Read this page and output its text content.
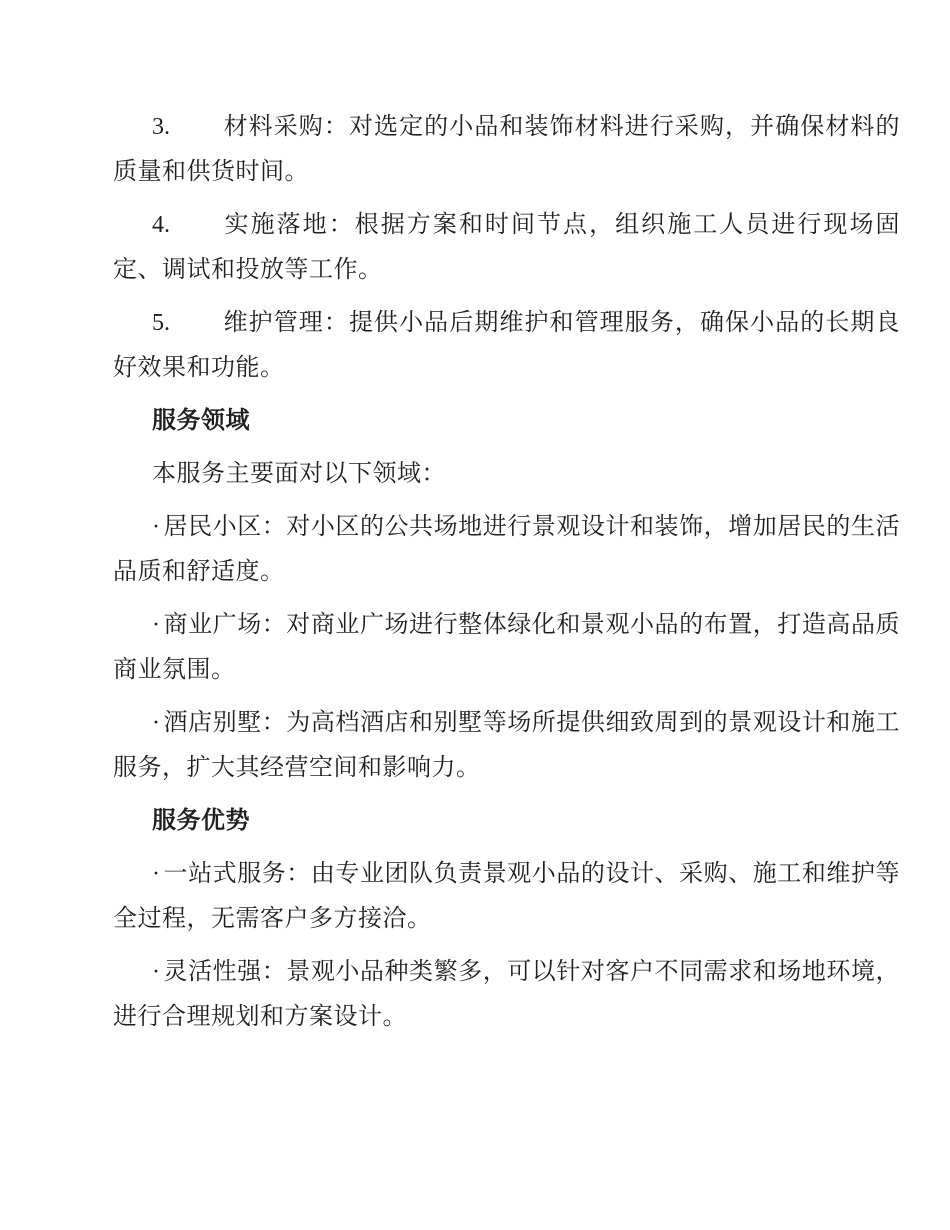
3. 材料采购：对选定的小品和装饰材料进行采购，并确保材料的质量和供货时间。

4. 实施落地：根据方案和时间节点，组织施工人员进行现场固定、调试和投放等工作。

5. 维护管理：提供小品后期维护和管理服务，确保小品的长期良好效果和功能。

服务领域

本服务主要面对以下领域：

· 居民小区：对小区的公共场地进行景观设计和装饰，增加居民的生活品质和舒适度。

· 商业广场：对商业广场进行整体绿化和景观小品的布置，打造高品质商业氛围。

· 酒店别墅：为高档酒店和别墅等场所提供细致周到的景观设计和施工服务，扩大其经营空间和影响力。

服务优势

· 一站式服务：由专业团队负责景观小品的设计、采购、施工和维护等全过程，无需客户多方接洽。

· 灵活性强：景观小品种类繁多，可以针对客户不同需求和场地环境，进行合理规划和方案设计。
